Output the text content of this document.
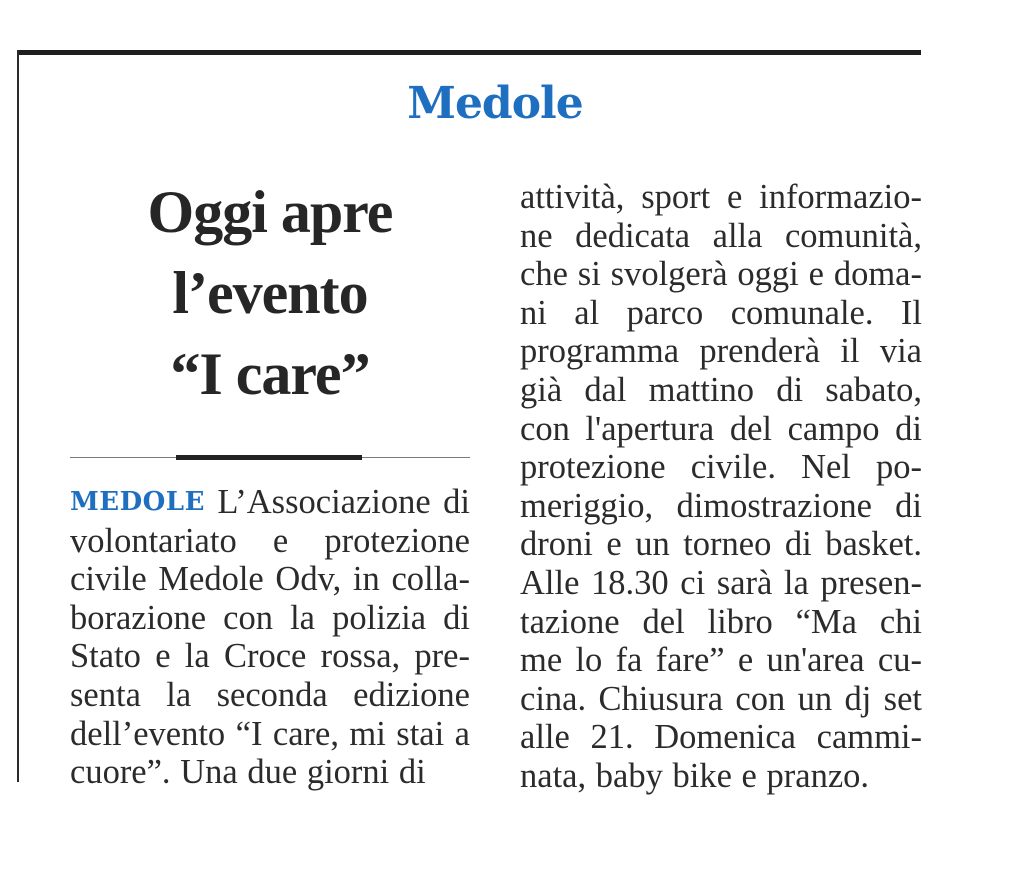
Medole
Oggi apre
l’evento
“I care”
MEDOLE L’Associazione di
volontariato e protezione
civile Medole Odv, in colla-
borazione con la polizia di
Stato e la Croce rossa, pre-
senta la seconda edizione
dell’evento “I care, mi stai a
cuore”. Una due giorni di
attività, sport e informazio-
ne dedicata alla comunità,
che si svolgerà oggi e doma-
ni al parco comunale. Il
programma prenderà il via
già dal mattino di sabato,
con l'apertura del campo di
protezione civile. Nel po-
meriggio, dimostrazione di
droni e un torneo di basket.
Alle 18.30 ci sarà la presen-
tazione del libro “Ma chi
me lo fa fare” e un'area cu-
cina. Chiusura con un dj set
alle 21. Domenica cammi-
nata, baby bike e pranzo.
